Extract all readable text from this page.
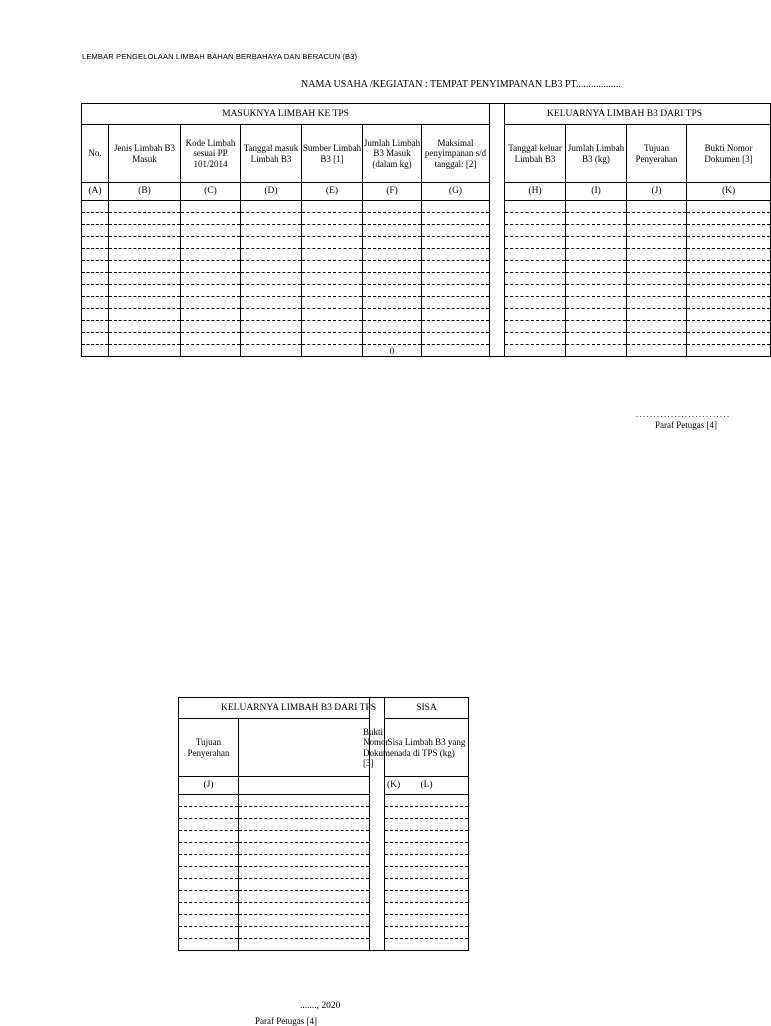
LEMBAR PENGELOLAAN LIMBAH BAHAN BERBAHAYA DAN BERACUN (B3)
NAMA USAHA /KEGIATAN : TEMPAT PENYIMPANAN LB3 PT..................
MASUKNYA LIMBAH KE TPS								KELUARNYA LIMBAH B3 DARI TPS			
No.	Jenis Limbah B3 Masuk	Kode Limbah sesuai PP 101/2014	Tanggal masuk Limbah B3	Sumber Limbah B3 [1]	Jumlah Limbah B3 Masuk (dalam kg)	Maksimal penyimpanan s/d tanggal: [2]		Tanggal keluar Limbah B3	Jumlah Limbah B3 (kg)	Tujuan Penyerahan	Bukti Nomor Dokumen [3]
(A)	(B)	(C)	(D)	(E)	(F)	(G)		(H)	(I)	(J)	(K)

					0						
...........................
Paraf Petugas [4]
KELUARNYA LIMBAH B3 DARI TPS			SISA
Tujuan Penyerahan	Bukti Nomor Dokumen [3]		Sisa Limbah B3 yang ada di TPS (kg)
(J)	(K)		(L)

......., 2020
Paraf Petugas [4]
